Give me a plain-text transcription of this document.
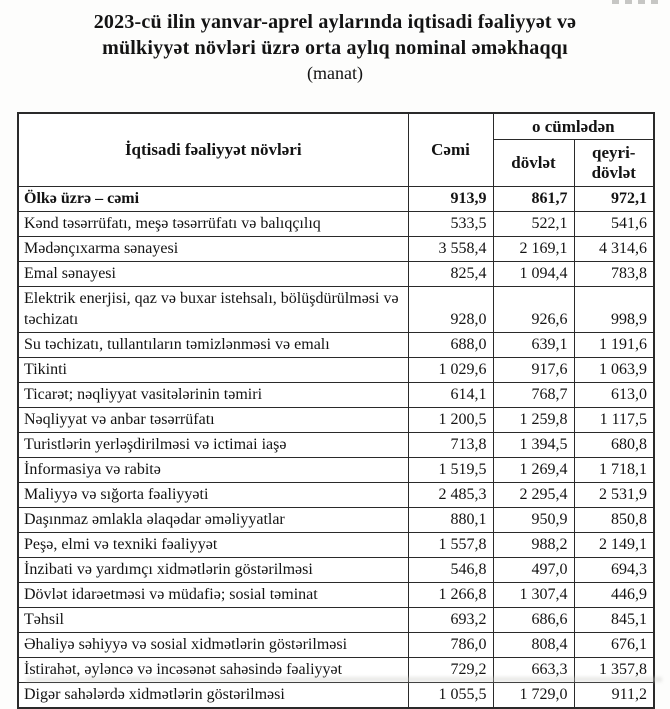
2023-cü ilin yanvar-aprel aylarında iqtisadi fəaliyyət və
mülkiyyət növləri üzrə orta aylıq nominal əməkhaqqı
(manat)
İqtisadi fəaliyyət növləri	Cəmi	o cümlədən	
		dövlət	qeyri-dövlət
Ölkə üzrə – cəmi	913,9	861,7	972,1
Kənd təsərrüfatı, meşə təsərrüfatı və balıqçılıq	533,5	522,1	541,6
Mədənçıxarma sənayesi	3 558,4	2 169,1	4 314,6
Emal sənayesi	825,4	1 094,4	783,8
Elektrik enerjisi, qaz və buxar istehsalı, bölüşdürülməsi və təchizatı	928,0	926,6	998,9
Su təchizatı, tullantıların təmizlənməsi və emalı	688,0	639,1	1 191,6
Tikinti	1 029,6	917,6	1 063,9
Ticarət; nəqliyyat vasitələrinin təmiri	614,1	768,7	613,0
Nəqliyyat və anbar təsərrüfatı	1 200,5	1 259,8	1 117,5
Turistlərin yerləşdirilməsi və ictimai iaşə	713,8	1 394,5	680,8
İnformasiya və rabitə	1 519,5	1 269,4	1 718,1
Maliyyə və sığorta fəaliyyəti	2 485,3	2 295,4	2 531,9
Daşınmaz əmlakla əlaqədar əməliyyatlar	880,1	950,9	850,8
Peşə, elmi və texniki fəaliyyət	1 557,8	988,2	2 149,1
İnzibati və yardımçı xidmətlərin göstərilməsi	546,8	497,0	694,3
Dövlət idarəetməsi və müdafiə; sosial təminat	1 266,8	1 307,4	446,9
Təhsil	693,2	686,6	845,1
Əhaliyə səhiyyə və sosial xidmətlərin göstərilməsi	786,0	808,4	676,1
İstirahət, əyləncə və incəsənət sahəsində fəaliyyət	729,2	663,3	1 357,8
Digər sahələrdə xidmətlərin göstərilməsi	1 055,5	1 729,0	911,2
